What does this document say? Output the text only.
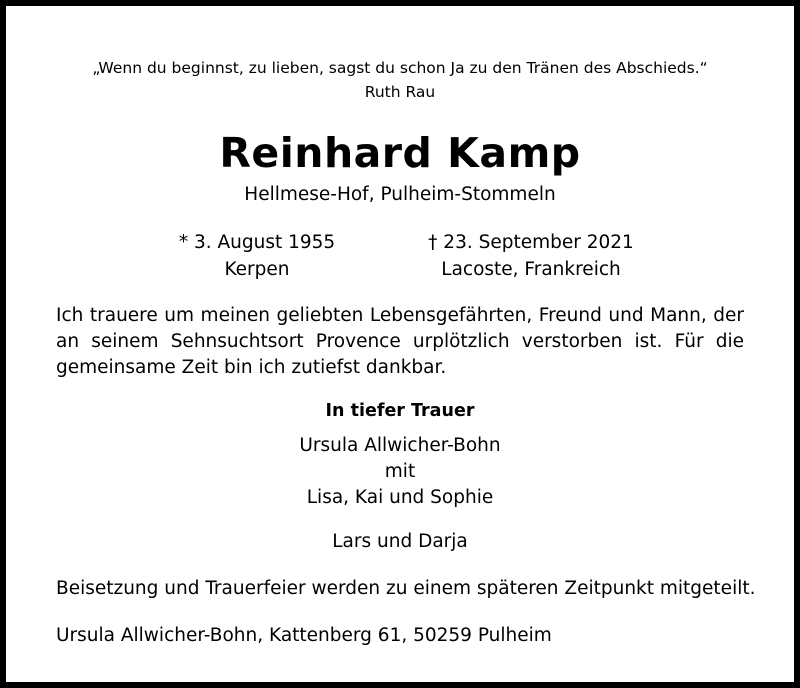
„Wenn du beginnst, zu lieben, sagst du schon Ja zu den Tränen des Abschieds.“
Ruth Rau
Reinhard Kamp
Hellmese-Hof, Pulheim-Stommeln
* 3. August 1955
Kerpen
† 23. September 2021
Lacoste, Frankreich
Ich trauere um meinen geliebten Lebensgefährten, Freund und Mann, der an seinem Sehnsuchtsort Provence urplötzlich verstorben ist. Für die gemeinsame Zeit bin ich zutiefst dankbar.
In tiefer Trauer
Ursula Allwicher-Bohn
mit
Lisa, Kai und Sophie
Lars und Darja
Beisetzung und Trauerfeier werden zu einem späteren Zeitpunkt mitgeteilt.
Ursula Allwicher-Bohn, Kattenberg 61, 50259 Pulheim
